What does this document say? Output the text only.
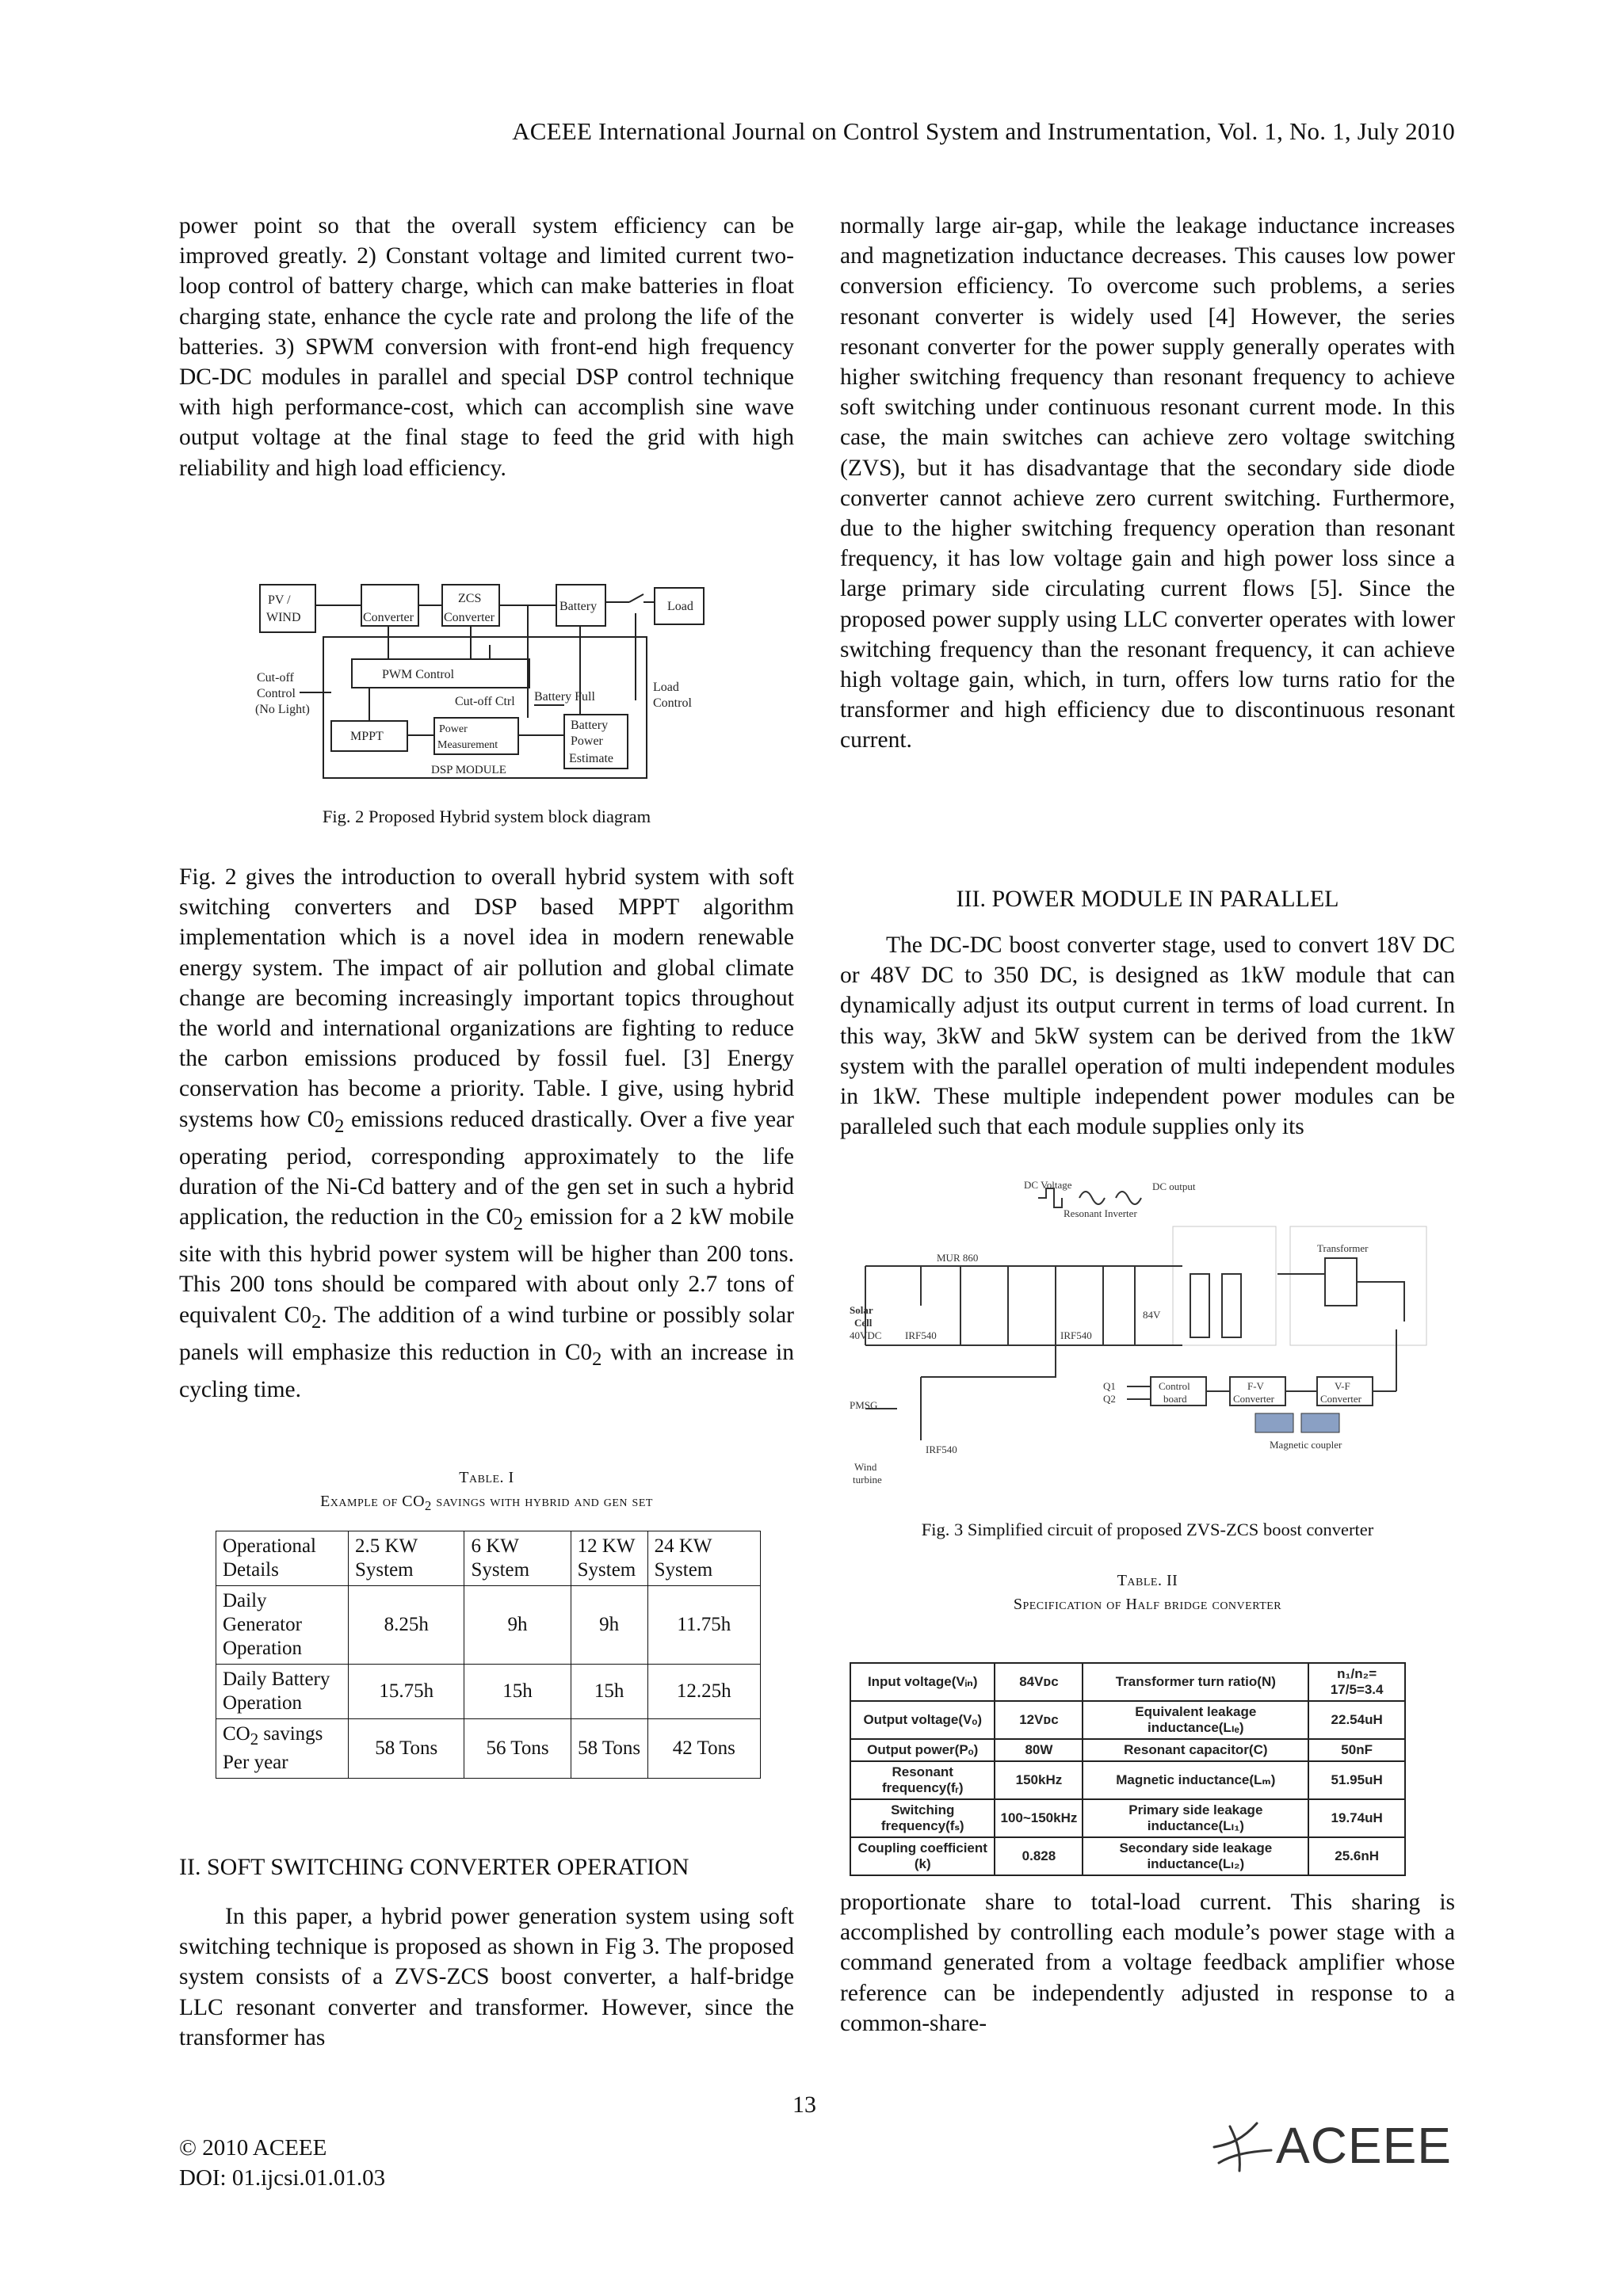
ACEEE International Journal on Control System and Instrumentation, Vol. 1, No. 1, July 2010

power point so that the overall system efficiency can be improved greatly. 2) Constant voltage and limited current two-loop control of battery charge, which can make batteries in float charging state, enhance the cycle rate and prolong the life of the batteries. 3) SPWM conversion with front-end high frequency DC-DC modules in parallel and special DSP control technique with high performance-cost, which can accomplish sine wave output voltage at the final stage to feed the grid with high reliability and high load efficiency.

PV /
WIND	Converter
ZCS
Converter
Battery	Load
PWM Control
Cut-off
Control
(No Light)
Cut-off Ctrl Battery Full
Load
Control
MPPT
Power
Measurement
Battery
Power
Estimate
DSP MODULE
Fig. 2 Proposed Hybrid system block diagram

Fig. 2 gives the introduction to overall hybrid system with soft switching converters and DSP based MPPT algorithm implementation which is a novel idea in modern renewable energy system. The impact of air pollution and global climate change are becoming increasingly important topics throughout the world and international organizations are fighting to reduce the carbon emissions produced by fossil fuel. [3] Energy conservation has become a priority. Table. I give, using hybrid systems how $C0_2$ emissions reduced drastically. Over a five year operating period, corresponding approximately to the life duration of the Ni-Cd battery and of the gen set in such a hybrid application, the reduction in the $C0_2$ emission for a 2 kW mobile site with this hybrid power system will be higher than 200 tons. This 200 tons should be compared with about only 2.7 tons of equivalent $C0_2$. The addition of a wind turbine or possibly solar panels will emphasize this reduction in $C0_2$ with an increase in cycling time.

Table. I
Example of $CO_2$ savings with hybrid and gen set
Operational Details	2.5 KW System	6 KW System	12 KW System	24 KW System
Daily Generator Operation	8.25h	9h	9h	11.75h
Daily Battery Operation	15.75h	15h	15h	12.25h
$CO_2$ savings Per year	58 Tons	56 Tons	58 Tons	42 Tons
II. SOFT SWITCHING CONVERTER OPERATION

In this paper, a hybrid power generation system using soft switching technique is proposed as shown in Fig 3. The proposed system consists of a ZVS-ZCS boost converter, a half-bridge LLC resonant converter and transformer. However, since the transformer has

normally large air-gap, while the leakage inductance increases and magnetization inductance decreases. This causes low power conversion efficiency. To overcome such problems, a series resonant converter is widely used [4] However, the series resonant converter for the power supply generally operates with higher switching frequency than resonant frequency to achieve soft switching under continuous resonant current mode. In this case, the main switches can achieve zero voltage switching (ZVS), but it has disadvantage that the secondary side diode converter cannot achieve zero current switching. Furthermore, due to the higher switching frequency operation than resonant frequency, it has low voltage gain and high power loss since a large primary side circulating current flows [5]. Since the proposed power supply using LLC converter operates with lower switching frequency than the resonant frequency, it can achieve high voltage gain, which, in turn, offers low turns ratio for the transformer and high efficiency due to discontinuous resonant current.

III. POWER MODULE IN PARALLEL

The DC-DC boost converter stage, used to convert 18V DC or 48V DC to 350 DC, is designed as 1kW module that can dynamically adjust its output current in terms of load current. In this way, 3kW and 5kW system can be derived from the 1kW system with the parallel operation of multi independent modules in 1kW. These multiple independent power modules can be paralleled such that each module supplies only its

DC Voltage	DC output
Resonant Inverter
Transformer
MUR 860
Solar
Cell
40VDC IRF540	IRF540
84V
PMSG
IRF540
Wind
turbine
Q1
Q2
Control
board
F-V
Converter
V-F
Converter
Magnetic coupler
Fig. 3 Simplified circuit of proposed ZVS-ZCS boost converter
Table. II
Specification of Half bridge converter
Input voltage(Vᵢₙ)	84Vᴅᴄ	Transformer turn ratio(N)	n₁/n₂= 17/5=3.4
Output voltage(Vₒ)	12Vᴅᴄ	Equivalent leakage inductance(Lₗₑ)	22.54uH
Output power(Pₒ)	80W	Resonant capacitor(C)	50nF
Resonant frequency(fᵣ)	150kHz	Magnetic inductance(Lₘ)	51.95uH
Switching frequency(fₛ)	100~150kHz	Primary side leakage inductance(Lₗ₁)	19.74uH
Coupling coefficient (k)	0.828	Secondary side leakage inductance(Lₗ₂)	25.6nH

proportionate share to total-load current. This sharing is accomplished by controlling each module’s power stage with a command generated from a voltage feedback amplifier whose reference can be independently adjusted in response to a common-share-

13
© 2010 ACEEE
DOI: 01.ijcsi.01.01.03
ACEEE
